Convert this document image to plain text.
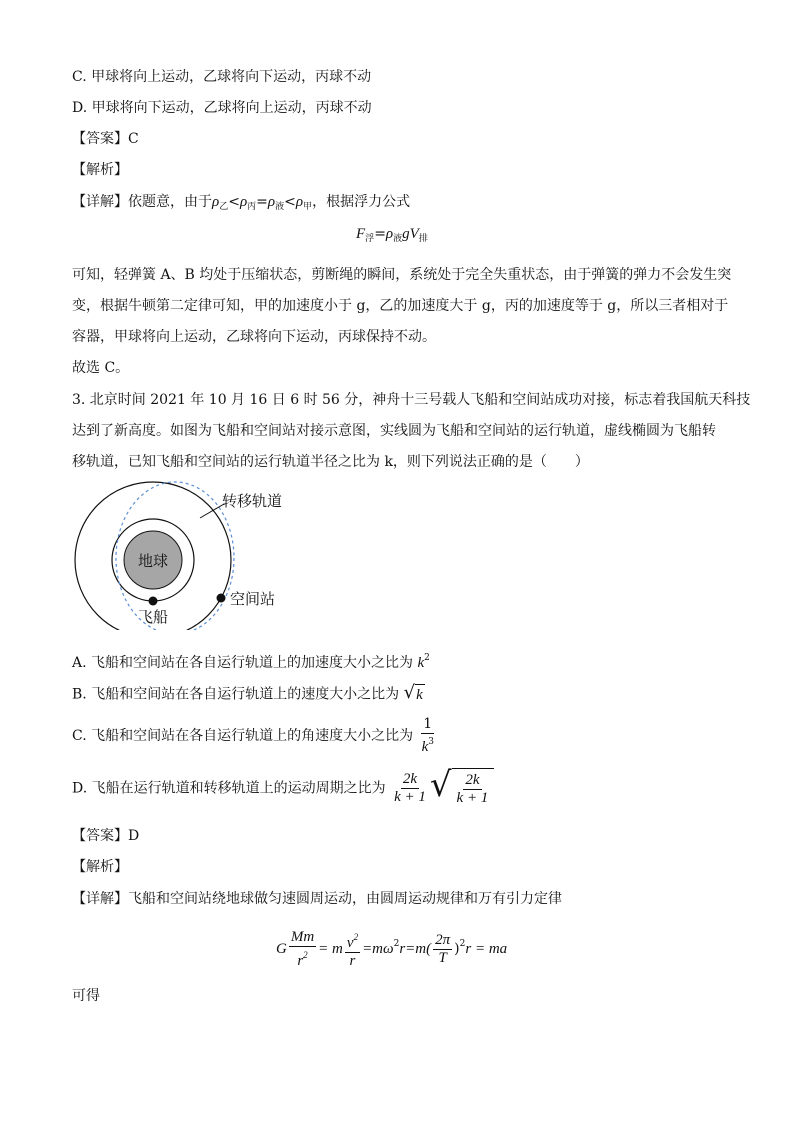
C. 甲球将向上运动，乙球将向下运动，丙球不动
D. 甲球将向下运动，乙球将向上运动，丙球不动
【答案】C
【解析】
【详解】依题意，由于$\rho_乙<\rho_丙=\rho_液<\rho_甲$，根据浮力公式
$F_浮=\rho_液gV_排$
可知，轻弹簧 A、B 均处于压缩状态，剪断绳的瞬间，系统处于完全失重状态，由于弹簧的弹力不会发生突
变，根据牛顿第二定律可知，甲的加速度小于 g，乙的加速度大于 g，丙的加速度等于 g，所以三者相对于
容器，甲球将向上运动，乙球将向下运动，丙球保持不动。
故选 C。
3. 北京时间 2021 年 10 月 16 日 6 时 56 分，神舟十三号载人飞船和空间站成功对接，标志着我国航天科技
达到了新高度。如图为飞船和空间站对接示意图，实线圆为飞船和空间站的运行轨道，虚线椭圆为飞船转
移轨道，已知飞船和空间站的运行轨道半径之比为 k，则下列说法正确的是（　　）
地球
转移轨道
空间站
飞船
A. 飞船和空间站在各自运行轨道上的加速度大小之比为 $k^2$
B. 飞船和空间站在各自运行轨道上的速度大小之比为 √ k
C. 飞船和空间站在各自运行轨道上的角速度大小之比为 $\frac{1}{k^3}$
D. 飞船在运行轨道和转移轨道上的运动周期之比为 $\frac{2k}{k + 1}$ √ $\frac{2k}{k + 1}$
【答案】D
【解析】
【详解】飞船和空间站绕地球做匀速圆周运动，由圆周运动规律和万有引力定律
G $\frac{Mm}{r^2} = m \frac{v^2}{r} =m\omega^2r=m( \frac{2\pi}{T} )^2r$ = ma
可得
